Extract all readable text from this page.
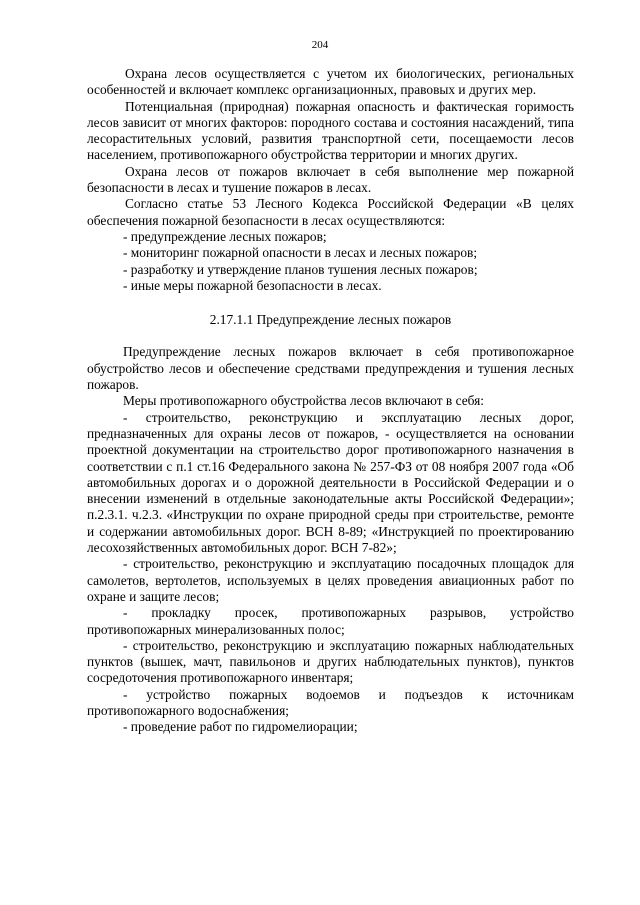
204

Охрана лесов осуществляется с учетом их биологических, региональных особенностей и включает комплекс организационных, правовых и других мер.

Потенциальная (природная) пожарная опасность и фактическая горимость лесов зависит от многих факторов: породного состава и состояния насаждений, типа лесорастительных условий, развития транспортной сети, посещаемости лесов населением, противопожарного обустройства территории и многих других.

Охрана лесов от пожаров включает в себя выполнение мер пожарной безопасности в лесах и тушение пожаров в лесах.

Согласно статье 53 Лесного Кодекса Российской Федерации «В целях обеспечения пожарной безопасности в лесах осуществляются:

- предупреждение лесных пожаров;
- мониторинг пожарной опасности в лесах и лесных пожаров;
- разработку и утверждение планов тушения лесных пожаров;
- иные меры пожарной безопасности в лесах.
2.17.1.1 Предупреждение лесных пожаров

Предупреждение лесных пожаров включает в себя противопожарное обустройство лесов и обеспечение средствами предупреждения и тушения лесных пожаров.

Меры противопожарного обустройства лесов включают в себя:

- строительство, реконструкцию и эксплуатацию лесных дорог, предназначенных для охраны лесов от пожаров, - осуществляется на основании проектной документации на строительство дорог противопожарного назначения в соответствии с п.1 ст.16 Федерального закона № 257-ФЗ от 08 ноября 2007 года «Об автомобильных дорогах и о дорожной деятельности в Российской Федерации и о внесении изменений в отдельные законодательные акты Российской Федерации»; п.2.3.1. ч.2.3. «Инструкции по охране природной среды при строительстве, ремонте и содержании автомобильных дорог. ВСН 8-89; «Инструкцией по проектированию лесохозяйственных автомобильных дорог. ВСН 7-82»;

- строительство, реконструкцию и эксплуатацию посадочных площадок для самолетов, вертолетов, используемых в целях проведения авиационных работ по охране и защите лесов;

- прокладку просек, противопожарных разрывов, устройство противопожарных минерализованных полос;

- строительство, реконструкцию и эксплуатацию пожарных наблюдательных пунктов (вышек, мачт, павильонов и других наблюдательных пунктов), пунктов сосредоточения противопожарного инвентаря;

- устройство пожарных водоемов и подъездов к источникам противопожарного водоснабжения;

- проведение работ по гидромелиорации;
